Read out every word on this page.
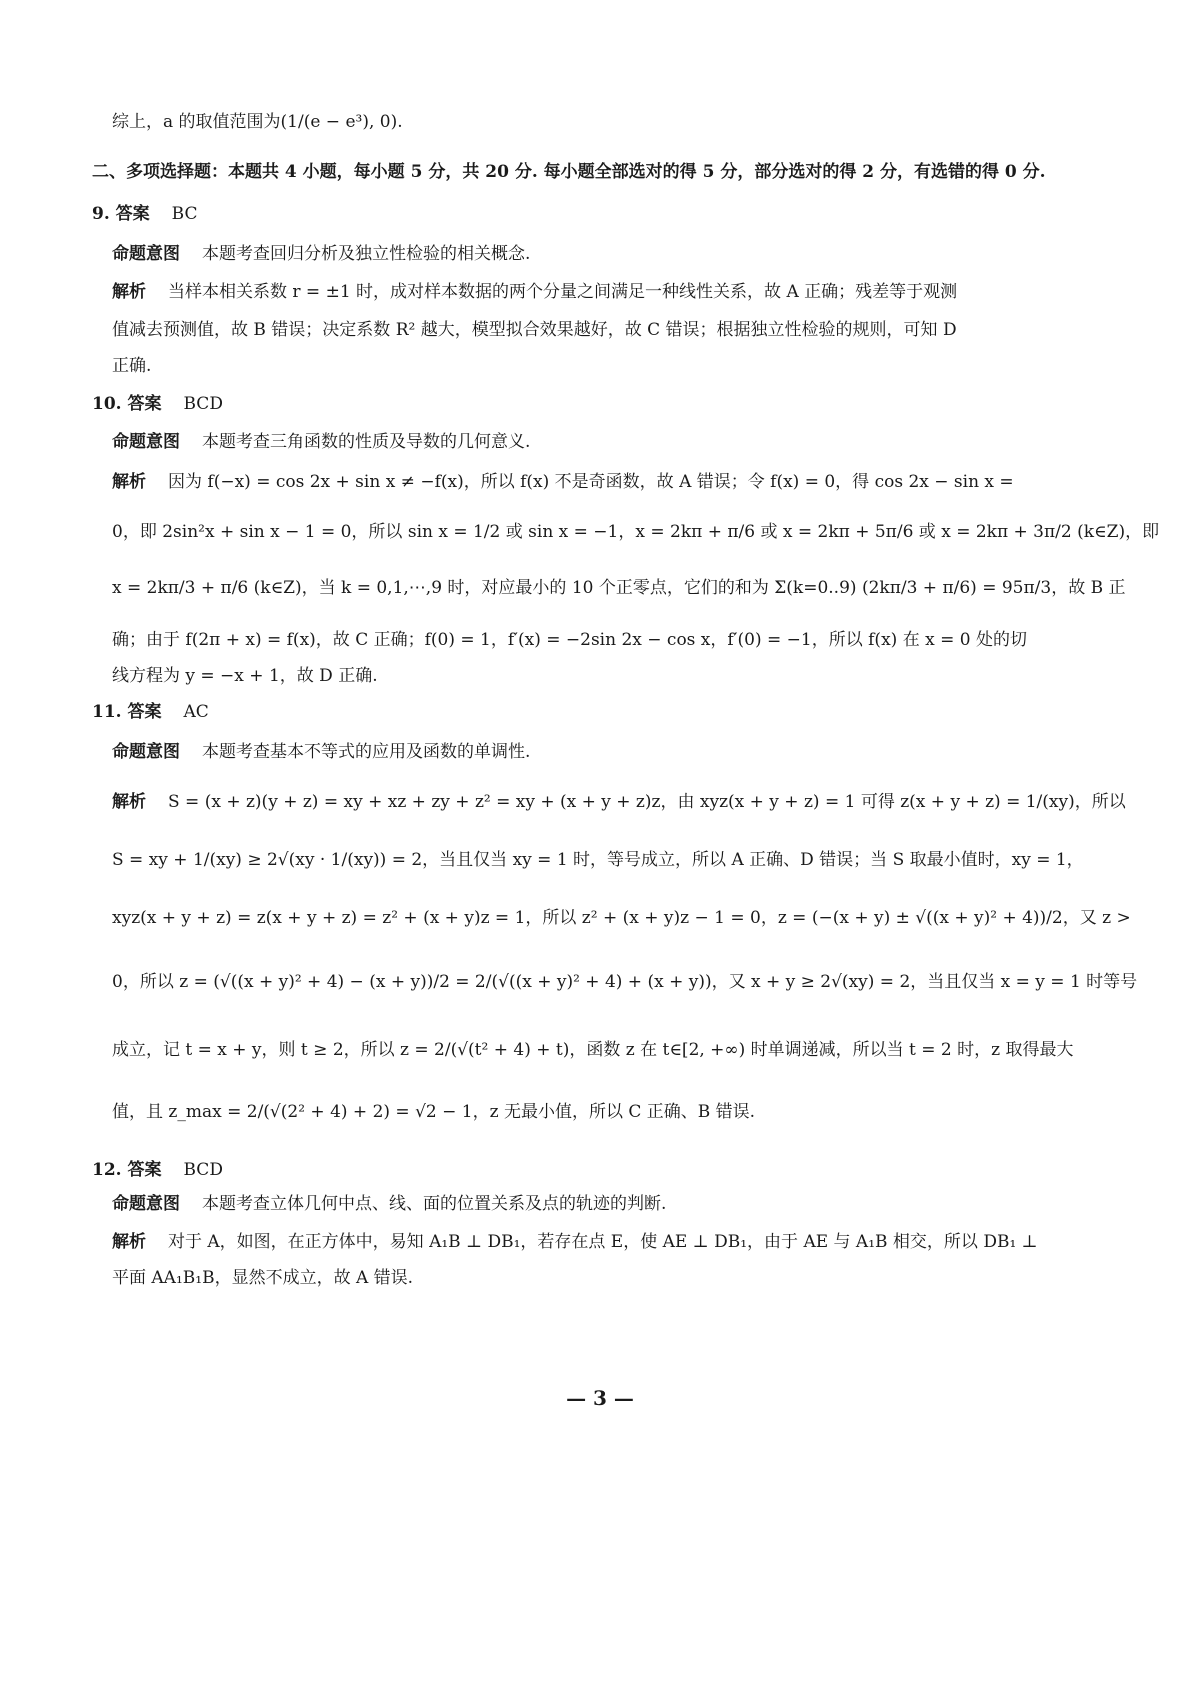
综上，a 的取值范围为(1/(e − e³), 0).
二、多项选择题：本题共 4 小题，每小题 5 分，共 20 分. 每小题全部选对的得 5 分，部分选对的得 2 分，有选错的得 0 分.
9. 答案 BC
命题意图 本题考查回归分析及独立性检验的相关概念.
解析 当样本相关系数 r = ±1 时，成对样本数据的两个分量之间满足一种线性关系，故 A 正确；残差等于观测
值减去预测值，故 B 错误；决定系数 R² 越大，模型拟合效果越好，故 C 错误；根据独立性检验的规则，可知 D
正确.
10. 答案 BCD
命题意图 本题考查三角函数的性质及导数的几何意义.
解析 因为 f(−x) = cos 2x + sin x ≠ −f(x)，所以 f(x) 不是奇函数，故 A 错误；令 f(x) = 0，得 cos 2x − sin x =
0，即 2sin²x + sin x − 1 = 0，所以 sin x = 1/2 或 sin x = −1，x = 2kπ + π/6 或 x = 2kπ + 5π/6 或 x = 2kπ + 3π/2 (k∈Z)，即
x = 2kπ/3 + π/6 (k∈Z)，当 k = 0,1,⋯,9 时，对应最小的 10 个正零点，它们的和为 Σ(k=0..9) (2kπ/3 + π/6) = 95π/3，故 B 正
确；由于 f(2π + x) = f(x)，故 C 正确；f(0) = 1，f′(x) = −2sin 2x − cos x，f′(0) = −1，所以 f(x) 在 x = 0 处的切
线方程为 y = −x + 1，故 D 正确.
11. 答案 AC
命题意图 本题考查基本不等式的应用及函数的单调性.
解析 S = (x + z)(y + z) = xy + xz + zy + z² = xy + (x + y + z)z，由 xyz(x + y + z) = 1 可得 z(x + y + z) = 1/(xy)，所以
S = xy + 1/(xy) ≥ 2√(xy · 1/(xy)) = 2，当且仅当 xy = 1 时，等号成立，所以 A 正确、D 错误；当 S 取最小值时，xy = 1，
xyz(x + y + z) = z(x + y + z) = z² + (x + y)z = 1，所以 z² + (x + y)z − 1 = 0，z = (−(x + y) ± √((x + y)² + 4))/2，又 z >
0，所以 z = (√((x + y)² + 4) − (x + y))/2 = 2/(√((x + y)² + 4) + (x + y))，又 x + y ≥ 2√(xy) = 2，当且仅当 x = y = 1 时等号
成立，记 t = x + y，则 t ≥ 2，所以 z = 2/(√(t² + 4) + t)，函数 z 在 t∈[2, +∞) 时单调递减，所以当 t = 2 时，z 取得最大
值，且 z_max = 2/(√(2² + 4) + 2) = √2 − 1，z 无最小值，所以 C 正确、B 错误.
12. 答案 BCD
命题意图 本题考查立体几何中点、线、面的位置关系及点的轨迹的判断.
解析 对于 A，如图，在正方体中，易知 A₁B ⊥ DB₁，若存在点 E，使 AE ⊥ DB₁，由于 AE 与 A₁B 相交，所以 DB₁ ⊥
平面 AA₁B₁B，显然不成立，故 A 错误.
— 3 —
